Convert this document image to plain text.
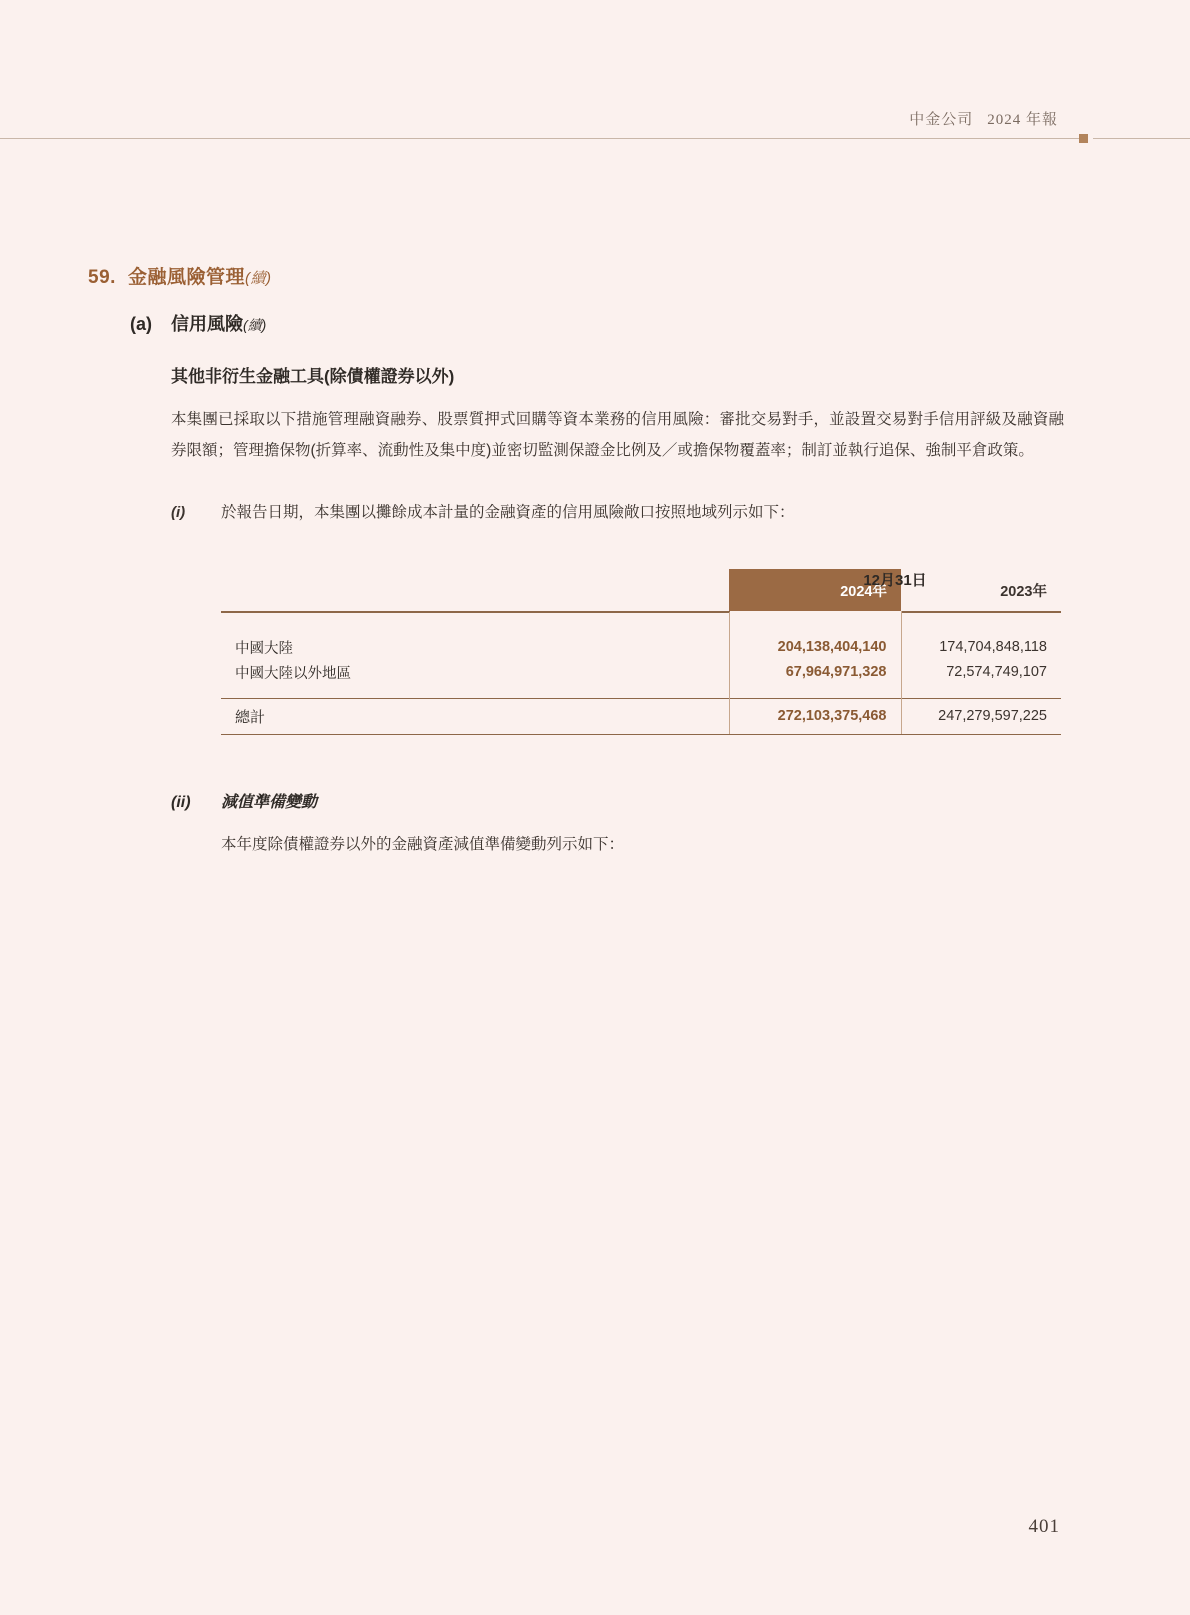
中金公司 2024 年報
59. 金融風險管理(續)
(a) 信用風險(續)
其他非衍生金融工具(除債權證券以外)
本集團已採取以下措施管理融資融券、股票質押式回購等資本業務的信用風險：審批交易對手，並設置交易對手信用評級及融資融券限額；管理擔保物(折算率、流動性及集中度)並密切監測保證金比例及／或擔保物覆蓋率；制訂並執行追保、強制平倉政策。
(i) 於報告日期，本集團以攤餘成本計量的金融資產的信用風險敞口按照地域列示如下：
12月31日
	2024年	2023年

中國大陸	204,138,404,140	174,704,848,118
中國大陸以外地區	67,964,971,328	72,574,749,107

總計	272,103,375,468	247,279,597,225

(ii) 減值準備變動
本年度除債權證券以外的金融資產減值準備變動列示如下：
401
